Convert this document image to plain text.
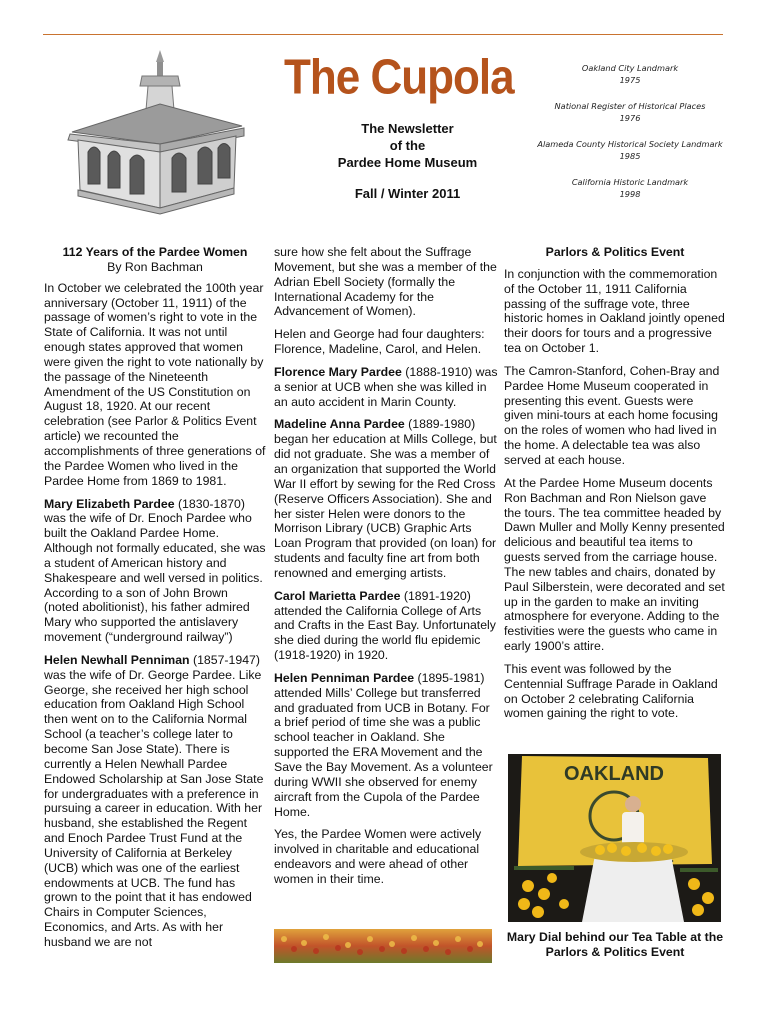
The Cupola
The Newsletter
of the
Pardee Home Museum
Fall / Winter 2011
Oakland City Landmark
1975
National Register of Historical Places
1976
Alameda County Historical Society Landmark
1985
California Historic Landmark
1998
112 Years of the Pardee Women
By Ron Bachman

In October we celebrated the 100th year anniversary (October 11, 1911) of the passage of women’s right to vote in the State of California. It was not until enough states approved that women were given the right to vote nationally by the passage of the Nineteenth Amendment of the US Constitution on August 18, 1920. At our recent celebration (see Parlor & Politics Event article) we recounted the accomplishments of three generations of the Pardee Women who lived in the Pardee Home from 1869 to 1981.

Mary Elizabeth Pardee (1830-1870) was the wife of Dr. Enoch Pardee who built the Oakland Pardee Home. Although not formally educated, she was a student of American history and Shakespeare and well versed in politics. According to a son of John Brown (noted abolitionist), his father admired Mary who supported the antislavery movement (“underground railway”)

Helen Newhall Penniman (1857-1947) was the wife of Dr. George Pardee. Like George, she received her high school education from Oakland High School then went on to the California Normal School (a teacher’s college later to become San Jose State). There is currently a Helen Newhall Pardee Endowed Scholarship at San Jose State for undergraduates with a preference in pursuing a career in education. With her husband, she established the Regent and Enoch Pardee Trust Fund at the University of California at Berkeley (UCB) which was one of the earliest endowments at UCB. The fund has grown to the point that it has endowed Chairs in Computer Sciences, Economics, and Arts. As with her husband we are not

sure how she felt about the Suffrage Movement, but she was a member of the Adrian Ebell Society (formally the International Academy for the Advancement of Women).

Helen and George had four daughters: Florence, Madeline, Carol, and Helen.

Florence Mary Pardee (1888-1910) was a senior at UCB when she was killed in an auto accident in Marin County.

Madeline Anna Pardee (1889-1980) began her education at Mills College, but did not graduate. She was a member of an organization that supported the World War II effort by sewing for the Red Cross (Reserve Officers Association). She and her sister Helen were donors to the Morrison Library (UCB) Graphic Arts Loan Program that provided (on loan) for students and faculty fine art from both renowned and emerging artists.

Carol Marietta Pardee (1891-1920) attended the California College of Arts and Crafts in the East Bay. Unfortunately she died during the world flu epidemic (1918-1920) in 1920.

Helen Penniman Pardee (1895-1981) attended Mills’ College but transferred and graduated from UCB in Botany. For a brief period of time she was a public school teacher in Oakland. She supported the ERA Movement and the Save the Bay Movement. As a volunteer during WWII she observed for enemy aircraft from the Cupola of the Pardee Home.

Yes, the Pardee Women were actively involved in charitable and educational endeavors and were ahead of other women in their time.

Parlors & Politics Event

In conjunction with the commemoration of the October 11, 1911 California passing of the suffrage vote, three historic homes in Oakland jointly opened their doors for tours and a progressive tea on October 1.

The Camron-Stanford, Cohen-Bray and Pardee Home Museum cooperated in presenting this event. Guests were given mini-tours at each home focusing on the roles of women who had lived in the home. A delectable tea was also served at each house.

At the Pardee Home Museum docents Ron Bachman and Ron Nielson gave the tours. The tea committee headed by Dawn Muller and Molly Kenny presented delicious and beautiful tea items to guests served from the carriage house. The new tables and chairs, donated by Paul Silberstein, were decorated and set up in the garden to make an inviting atmosphere for everyone. Adding to the festivities were the guests who came in early 1900’s attire.

This event was followed by the Centennial Suffrage Parade in Oakland on October 2 celebrating California women gaining the right to vote.

OAKLAND
Mary Dial behind our Tea Table at the Parlors & Politics Event
